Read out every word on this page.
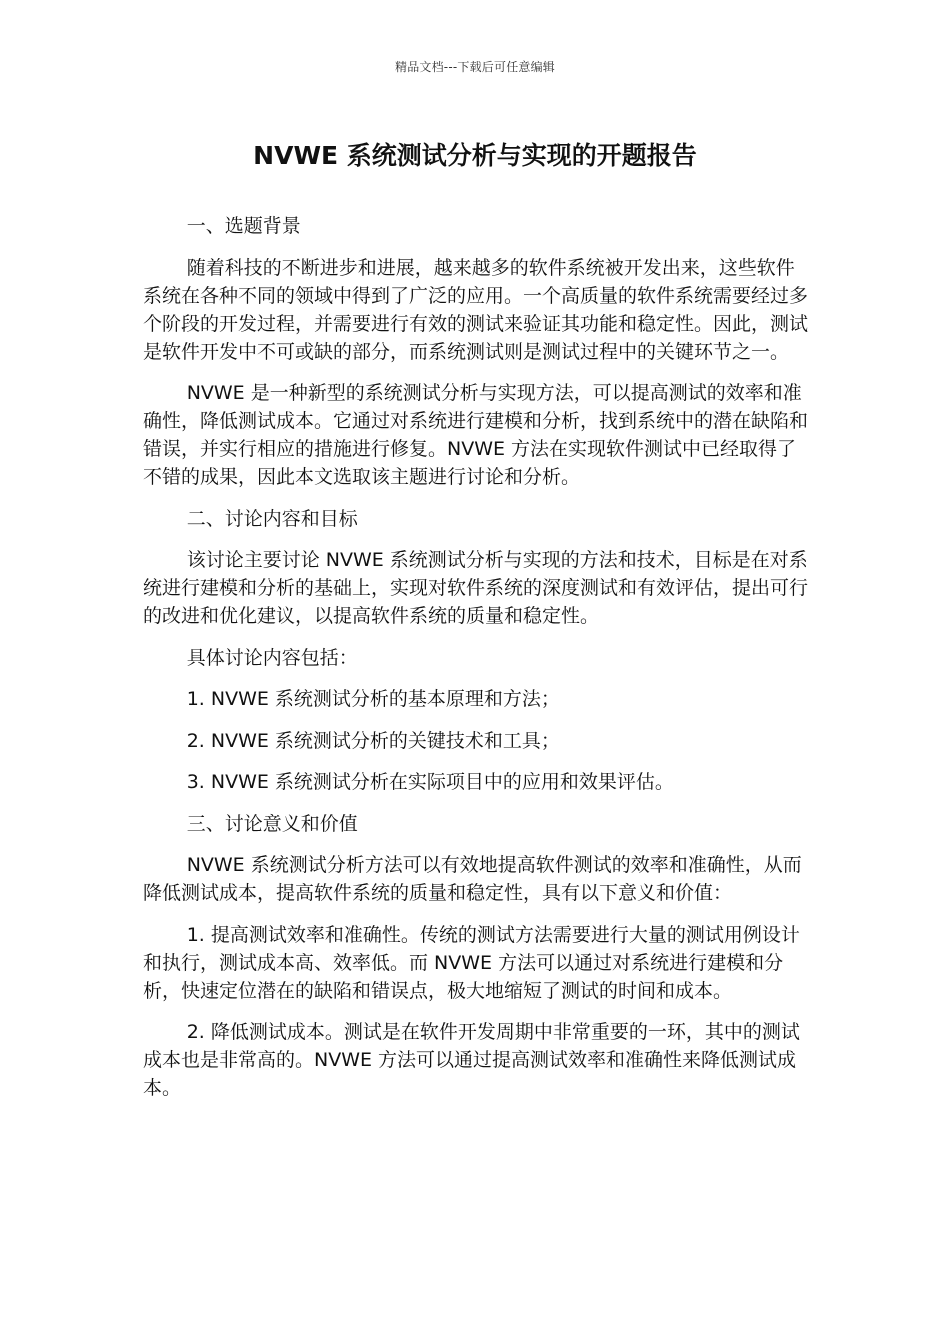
精品文档---下载后可任意编辑
NVWE 系统测试分析与实现的开题报告

一、选题背景

随着科技的不断进步和进展，越来越多的软件系统被开发出来，这些软件系统在各种不同的领域中得到了广泛的应用。一个高质量的软件系统需要经过多个阶段的开发过程，并需要进行有效的测试来验证其功能和稳定性。因此，测试是软件开发中不可或缺的部分，而系统测试则是测试过程中的关键环节之一。

NVWE 是一种新型的系统测试分析与实现方法，可以提高测试的效率和准确性，降低测试成本。它通过对系统进行建模和分析，找到系统中的潜在缺陷和错误，并实行相应的措施进行修复。NVWE 方法在实现软件测试中已经取得了不错的成果，因此本文选取该主题进行讨论和分析。

二、讨论内容和目标

该讨论主要讨论 NVWE 系统测试分析与实现的方法和技术，目标是在对系统进行建模和分析的基础上，实现对软件系统的深度测试和有效评估，提出可行的改进和优化建议，以提高软件系统的质量和稳定性。

具体讨论内容包括：

1. NVWE 系统测试分析的基本原理和方法；

2. NVWE 系统测试分析的关键技术和工具；

3. NVWE 系统测试分析在实际项目中的应用和效果评估。

三、讨论意义和价值

NVWE 系统测试分析方法可以有效地提高软件测试的效率和准确性，从而降低测试成本，提高软件系统的质量和稳定性，具有以下意义和价值：

1. 提高测试效率和准确性。传统的测试方法需要进行大量的测试用例设计和执行，测试成本高、效率低。而 NVWE 方法可以通过对系统进行建模和分析，快速定位潜在的缺陷和错误点，极大地缩短了测试的时间和成本。

2. 降低测试成本。测试是在软件开发周期中非常重要的一环，其中的测试成本也是非常高的。NVWE 方法可以通过提高测试效率和准确性来降低测试成本。
